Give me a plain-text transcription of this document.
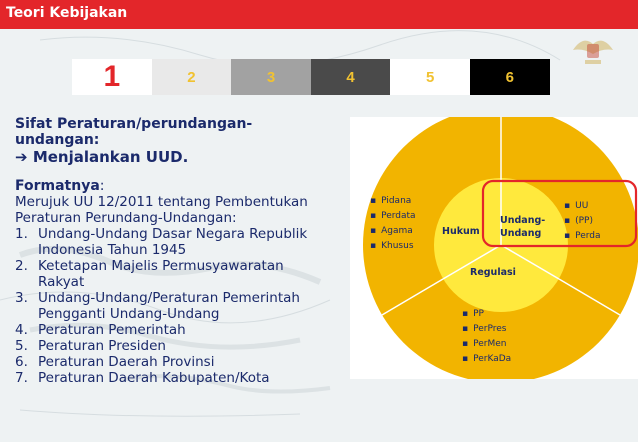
Teori Kebijakan
1	2	3	4	5	6
Sifat Peraturan/perundangan-
undangan:
➔ Menjalankan UUD.
Formatnya:
Merujuk UU 12/2011 tentang Pembentukan
Peraturan Perundang-Undangan:
1. Undang-Undang Dasar Negara Republik
Indonesia Tahun 1945
2. Ketetapan Majelis Permusyawaratan
Rakyat
3. Undang-Undang/Peraturan Pemerintah
Pengganti Undang-Undang
4. Peraturan Pemerintah
5. Peraturan Presiden
6. Peraturan Daerah Provinsi
7. Peraturan Daerah Kabupaten/Kota
▪ Pidana
▪ Perdata
▪ Agama
▪ Khusus
Hukum
Undang-
Undang
Regulasi
▪ UU
▪ (PP)
▪ Perda
▪ PP
▪ PerPres
▪ PerMen
▪ PerKaDa
